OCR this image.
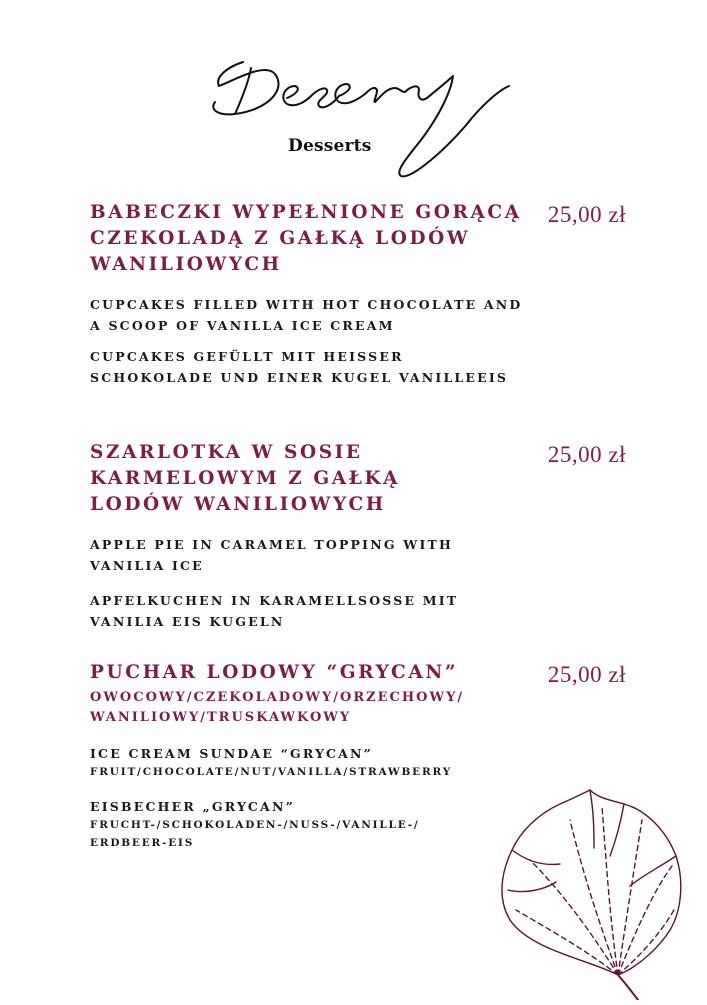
Desserts

BABECZKI WYPEŁNIONE GORĄCĄ CZEKOLADĄ Z GAŁKĄ LODÓW WANILIOWYCH

25,00 zł

CUPCAKES FILLED WITH HOT CHOCOLATE AND A SCOOP OF VANILLA ICE CREAM

CUPCAKES GEFÜLLT MIT HEISSER SCHOKOLADE UND EINER KUGEL VANILLEEIS

SZARLOTKA W SOSIE KARMELOWYM Z GAŁKĄ LODÓW WANILIOWYCH

25,00 zł

APPLE PIE IN CARAMEL TOPPING WITH VANILIA ICE

APFELKUCHEN IN KARAMELLSOSSE MIT VANILIA EIS KUGELN

PUCHAR LODOWY “GRYCAN”

OWOCOWY/CZEKOLADOWY/ORZECHOWY/ WANILIOWY/TRUSKAWKOWY

25,00 zł

ICE CREAM SUNDAE “GRYCAN”

FRUIT/CHOCOLATE/NUT/VANILLA/STRAWBERRY

EISBECHER „GRYCAN”

FRUCHT-/SCHOKOLADEN-/NUSS-/VANILLE-/ ERDBEER-EIS
